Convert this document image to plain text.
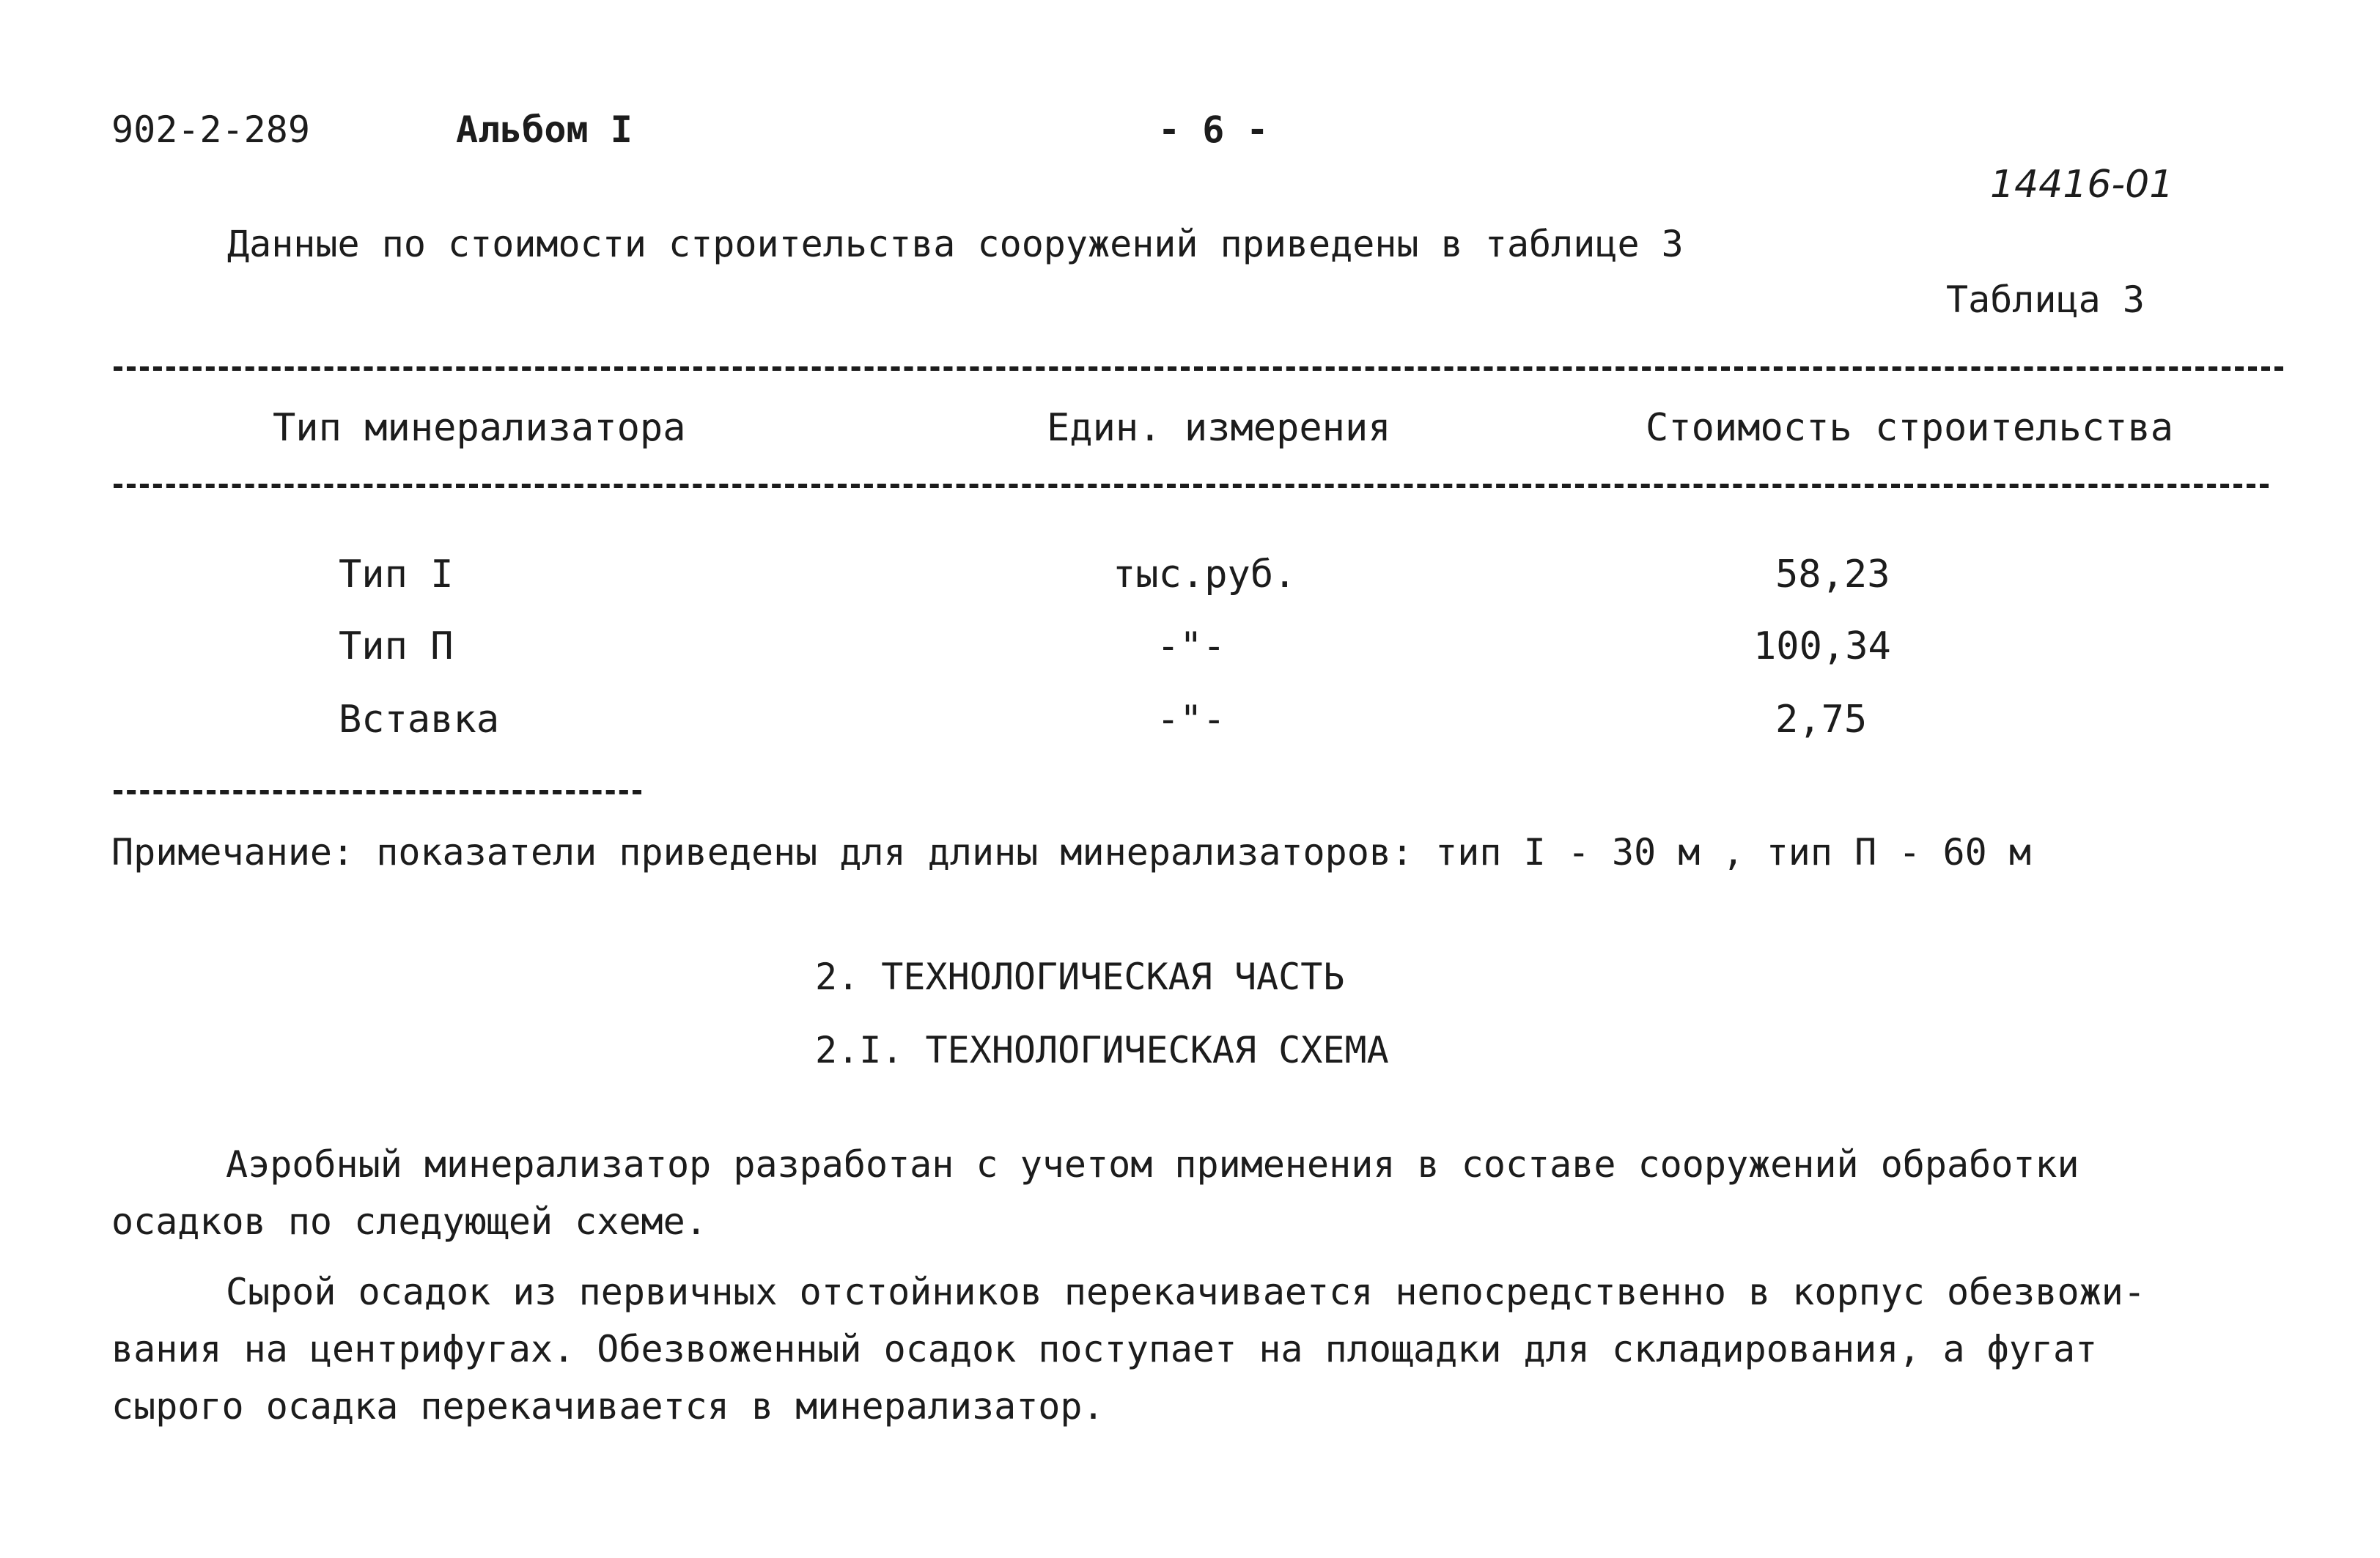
902-2-289	Альбом I	- 6 -
14416-01
Данные по стоимости строительства сооружений приведены в таблице 3
Таблица 3
Тип минерализатора	Един. измерения	Стоимость строительства
Тип I	тыс.руб.	58,23
Тип П	-"-	100,34
Вставка	-"-	2,75
Примечание: показатели приведены для длины минерализаторов: тип I - 30 м , тип П - 60 м
2. ТЕХНОЛОГИЧЕСКАЯ ЧАСТЬ
2.I. ТЕХНОЛОГИЧЕСКАЯ СХЕМА
Аэробный минерализатор разработан с учетом применения в составе сооружений обработки
осадков по следующей схеме.
Сырой осадок из первичных отстойников перекачивается непосредственно в корпус обезвожи-
вания на центрифугах. Обезвоженный осадок поступает на площадки для складирования, а фугат
сырого осадка перекачивается в минерализатор.
